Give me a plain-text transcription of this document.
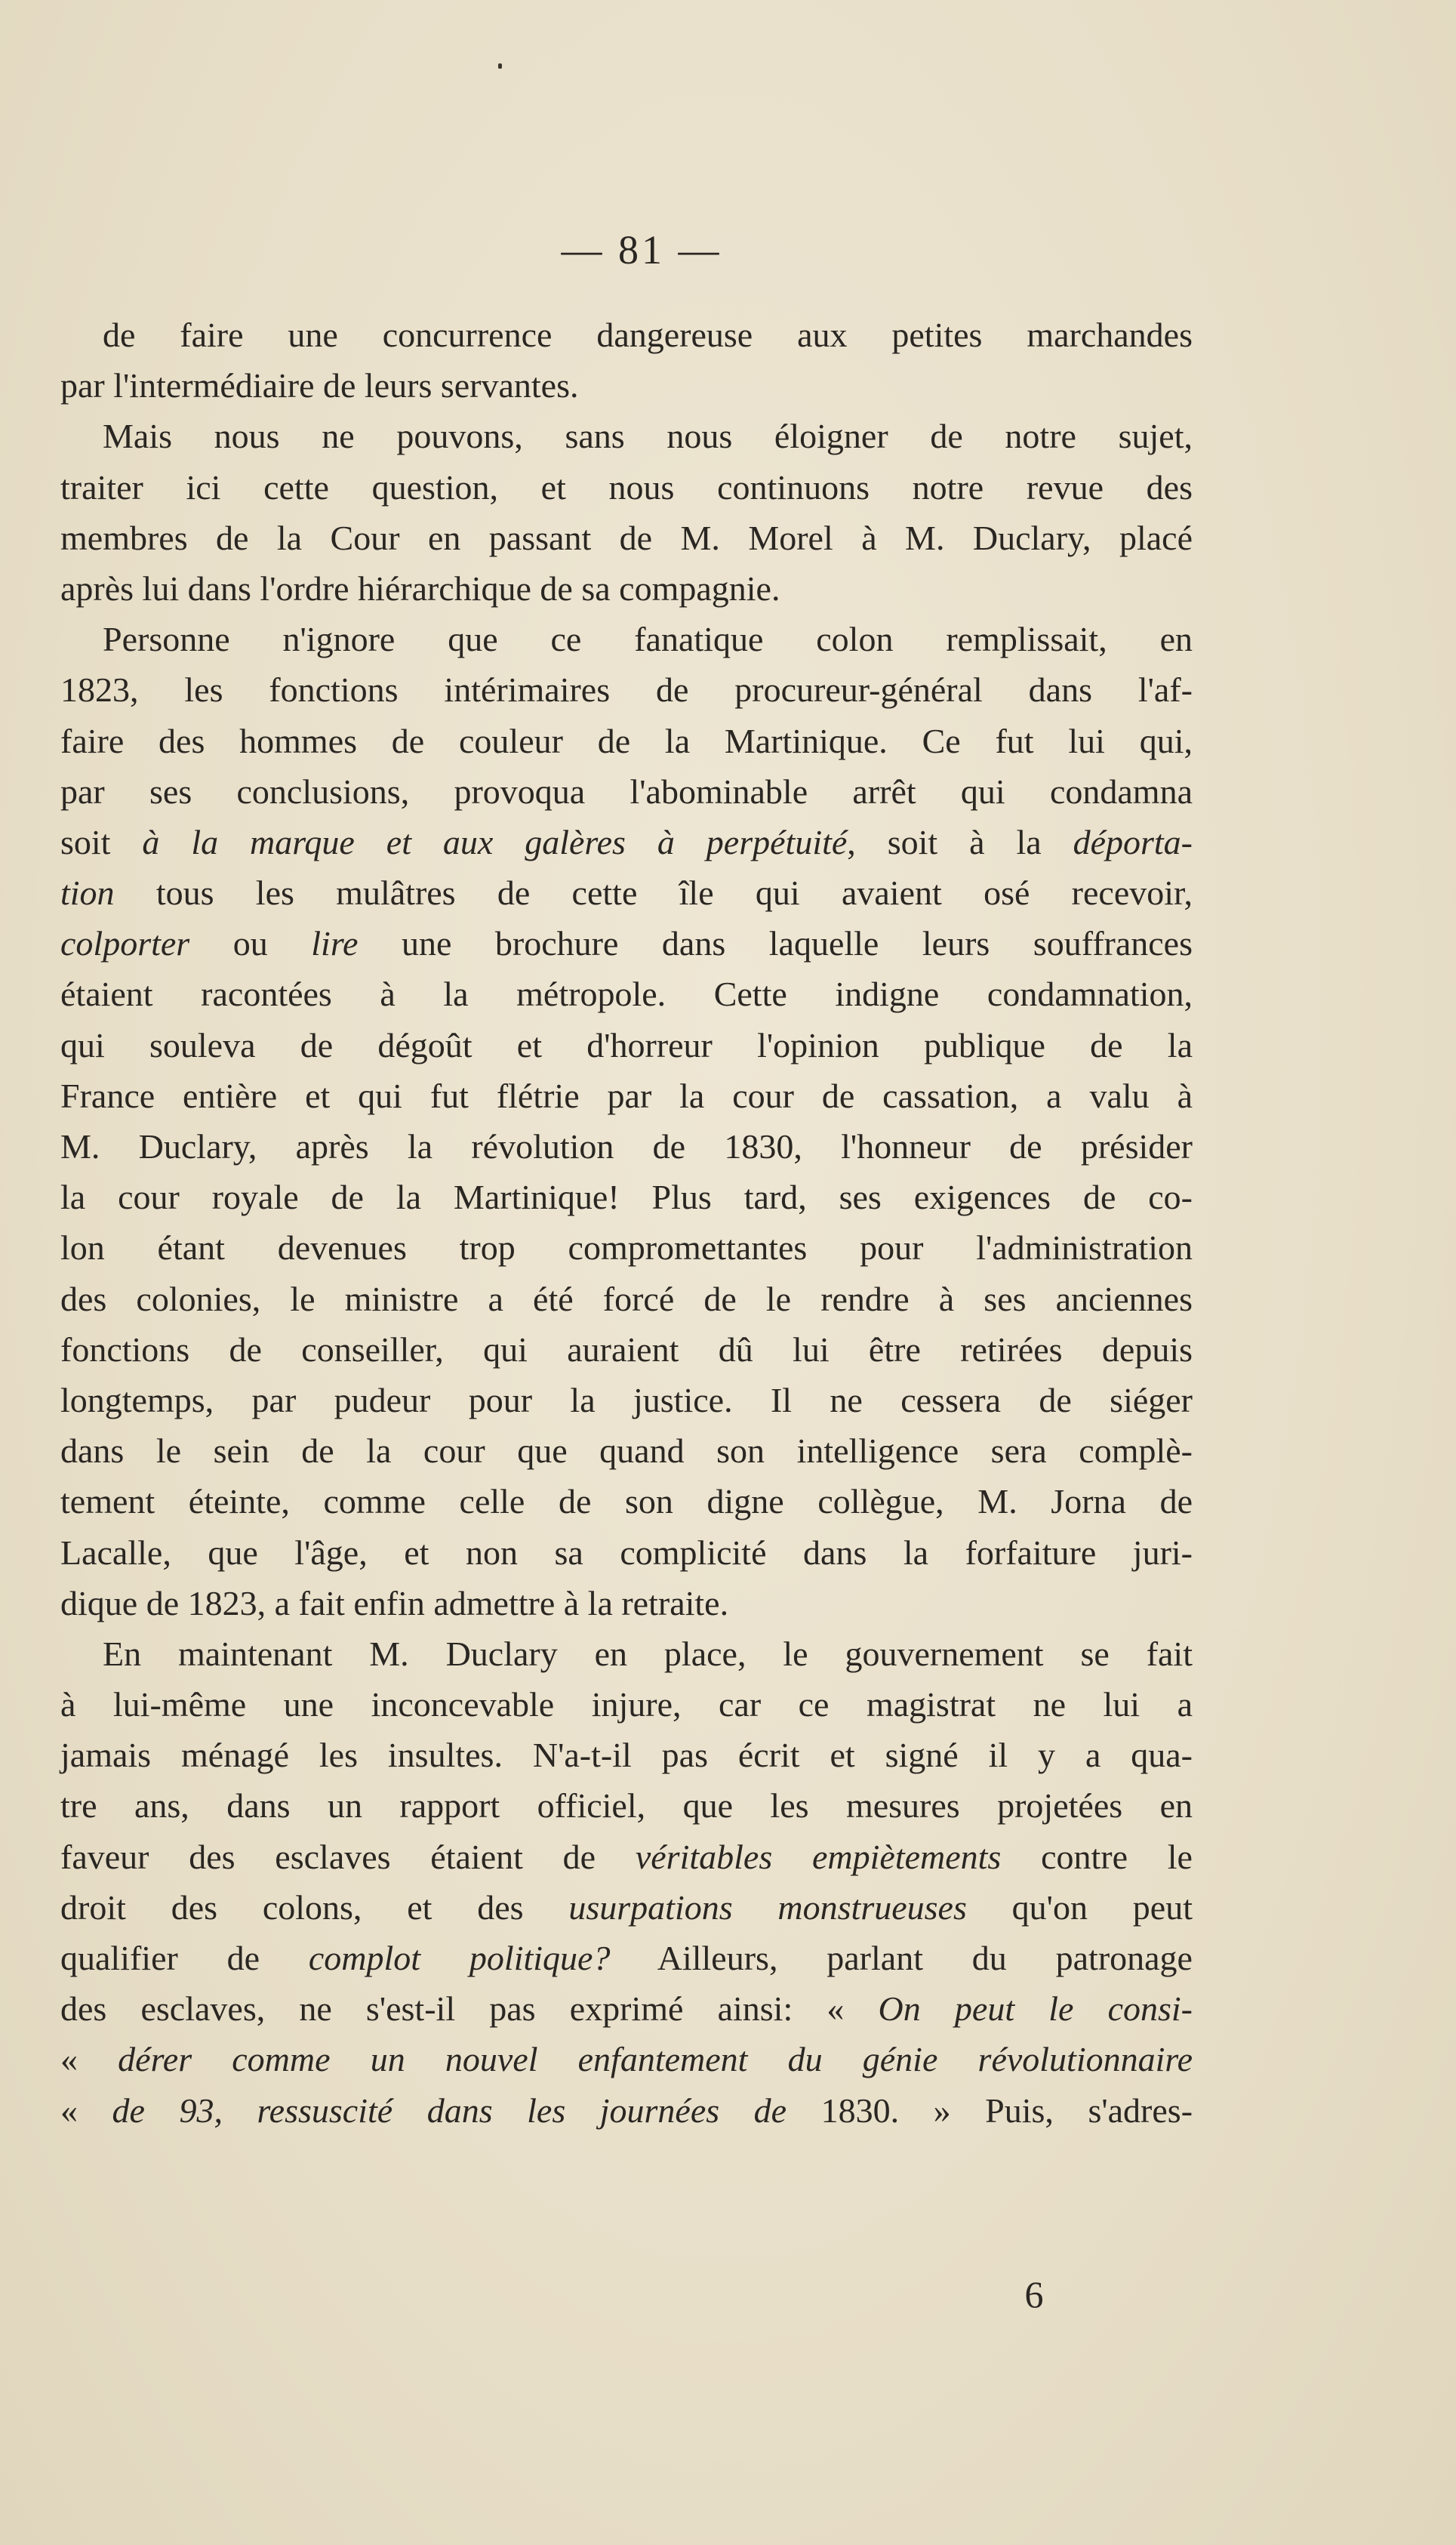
— 81 —
de faire une concurrence dangereuse aux petites marchandes
par l'intermédiaire de leurs servantes.
Mais nous ne pouvons, sans nous éloigner de notre sujet,
traiter ici cette question, et nous continuons notre revue des
membres de la Cour en passant de M. Morel à M. Duclary, placé
après lui dans l'ordre hiérarchique de sa compagnie.
Personne n'ignore que ce fanatique colon remplissait, en
1823, les fonctions intérimaires de procureur-général dans l'af-
faire des hommes de couleur de la Martinique. Ce fut lui qui,
par ses conclusions, provoqua l'abominable arrêt qui condamna
soit à la marque et aux galères à perpétuité, soit à la déporta-
tion tous les mulâtres de cette île qui avaient osé recevoir,
colporter ou lire une brochure dans laquelle leurs souffrances
étaient racontées à la métropole. Cette indigne condamnation,
qui souleva de dégoût et d'horreur l'opinion publique de la
France entière et qui fut flétrie par la cour de cassation, a valu à
M. Duclary, après la révolution de 1830, l'honneur de présider
la cour royale de la Martinique! Plus tard, ses exigences de co-
lon étant devenues trop compromettantes pour l'administration
des colonies, le ministre a été forcé de le rendre à ses anciennes
fonctions de conseiller, qui auraient dû lui être retirées depuis
longtemps, par pudeur pour la justice. Il ne cessera de siéger
dans le sein de la cour que quand son intelligence sera complè-
tement éteinte, comme celle de son digne collègue, M. Jorna de
Lacalle, que l'âge, et non sa complicité dans la forfaiture juri-
dique de 1823, a fait enfin admettre à la retraite.
En maintenant M. Duclary en place, le gouvernement se fait
à lui-même une inconcevable injure, car ce magistrat ne lui a
jamais ménagé les insultes. N'a-t-il pas écrit et signé il y a qua-
tre ans, dans un rapport officiel, que les mesures projetées en
faveur des esclaves étaient de véritables empiètements contre le
droit des colons, et des usurpations monstrueuses qu'on peut
qualifier de complot politique? Ailleurs, parlant du patronage
des esclaves, ne s'est-il pas exprimé ainsi: « On peut le consi-
« dérer comme un nouvel enfantement du génie révolutionnaire
« de 93, ressuscité dans les journées de 1830. » Puis, s'adres-
6
